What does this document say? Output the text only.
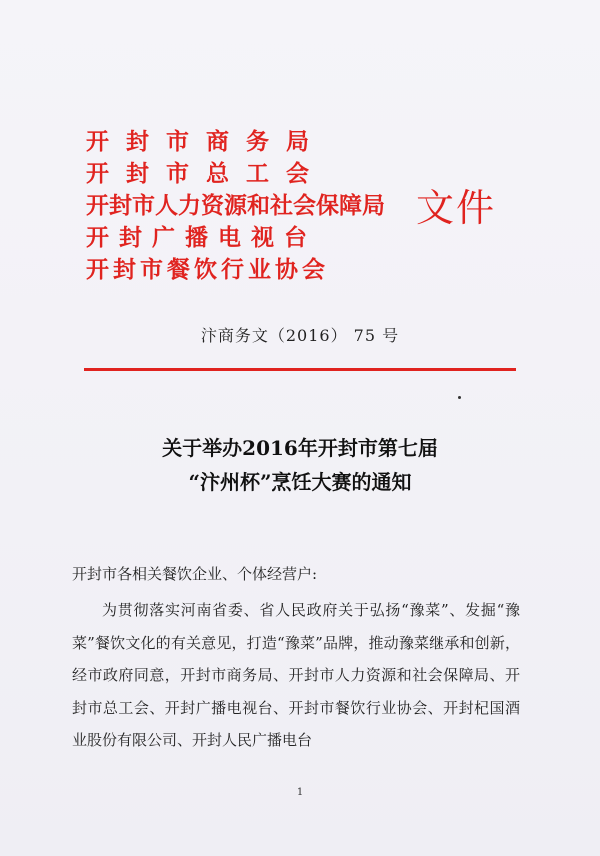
开封市商务局
开封市总工会
开封市人力资源和社会保障局
开封广播电视台
开封市餐饮行业协会
文件
汴商务文（2016） 75 号
关于举办2016年开封市第七届
“汴州杯”烹饪大赛的通知
开封市各相关餐饮企业、个体经营户:
为贯彻落实河南省委、省人民政府关于弘扬“豫菜”、发掘“豫菜”餐饮文化的有关意见，打造“豫菜”品牌，推动豫菜继承和创新，经市政府同意，开封市商务局、开封市人力资源和社会保障局、开封市总工会、开封广播电视台、开封市餐饮行业协会、开封杞国酒业股份有限公司、开封人民广播电台
1
